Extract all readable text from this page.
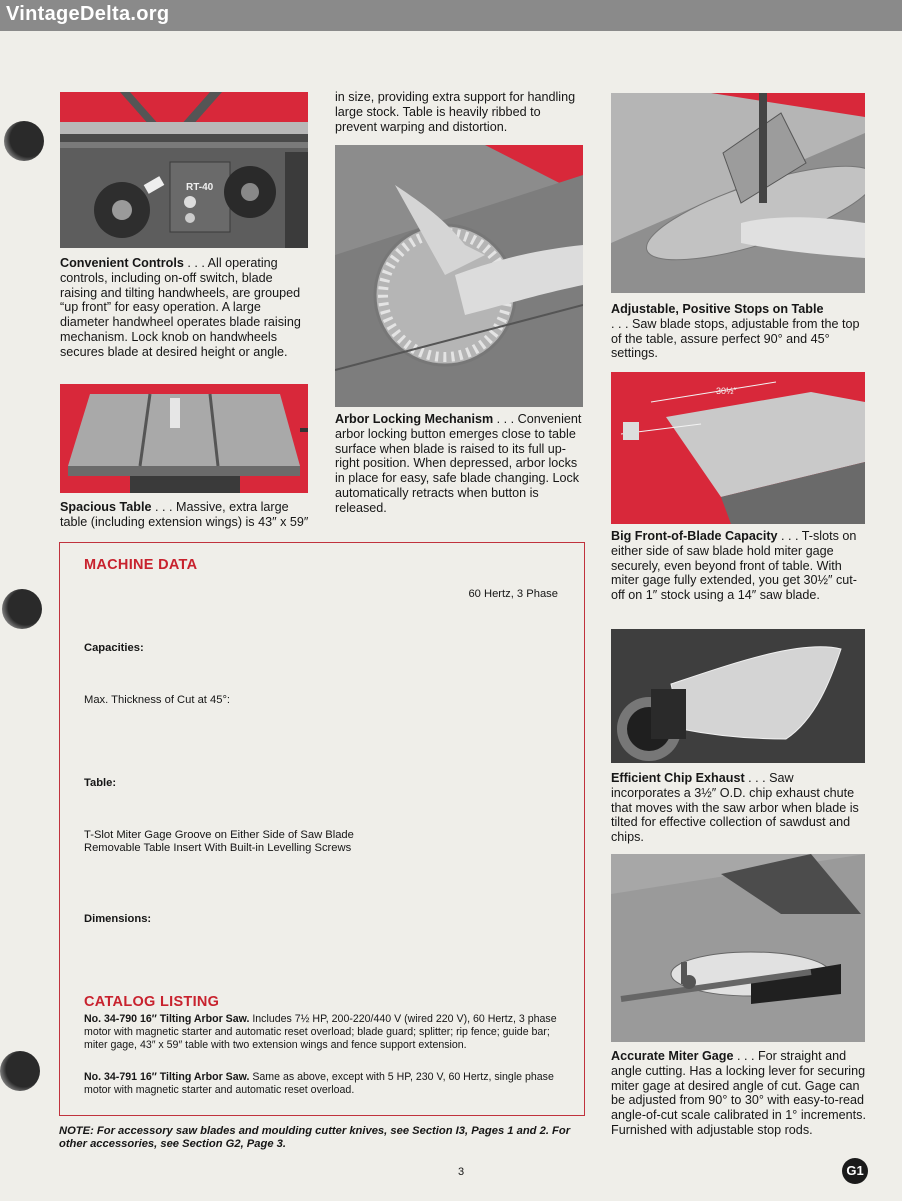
VintageDelta.org
RT-40
Convenient Controls . . . All operating controls, including on-off switch, blade raising and tilting handwheels, are grouped “up front” for easy operation. A large diameter handwheel operates blade raising mechanism. Lock knob on handwheels secures blade at desired height or angle.
Spacious Table . . . Massive, extra large table (including extension wings) is 43″ x 59″
in size, providing extra support for handling large stock. Table is heavily ribbed to prevent warping and distortion.
Arbor Locking Mechanism . . . Convenient arbor locking button emerges close to table surface when blade is raised to its full up-right position. When depressed, arbor locks in place for easy, safe blade changing. Lock automatically retracts when button is released.
Adjustable, Positive Stops on Table
. . . Saw blade stops, adjustable from the top of the table, assure perfect 90° and 45° settings.
30½″
Big Front-of-Blade Capacity . . . T-slots on either side of saw blade hold miter gage securely, even beyond front of table. With miter gage fully extended, you get 30½″ cut-off on 1″ stock using a 14″ saw blade.
Efficient Chip Exhaust . . . Saw incorporates a 3½″ O.D. chip exhaust chute that moves with the saw arbor when blade is tilted for effective collection of sawdust and chips.
Accurate Miter Gage . . . For straight and angle cutting. Has a locking lever for securing miter gage at desired angle of cut. Gage can be adjusted from 90° to 30° with easy-to-read angle-of-cut scale calibrated in 1° increments. Furnished with adjustable stop rods.
MACHINE DATA
60 Hertz, 3 Phase
Capacities:
Max. Thickness of Cut at 45°:
Table:
T-Slot Miter Gage Groove on Either Side of Saw Blade
Removable Table Insert With Built-in Levelling Screws
Dimensions:
CATALOG LISTING
No. 34-790 16″ Tilting Arbor Saw. Includes 7½ HP, 200-220/440 V (wired 220 V), 60 Hertz, 3 phase motor with magnetic starter and automatic reset overload; blade guard; splitter; rip fence; guide bar; miter gage, 43″ x 59″ table with two extension wings and fence support extension.
No. 34-791 16″ Tilting Arbor Saw. Same as above, except with 5 HP, 230 V, 60 Hertz, single phase motor with magnetic starter and automatic reset overload.
NOTE: For accessory saw blades and moulding cutter knives, see Section I3, Pages 1 and 2. For other accessories, see Section G2, Page 3.
3	G1
